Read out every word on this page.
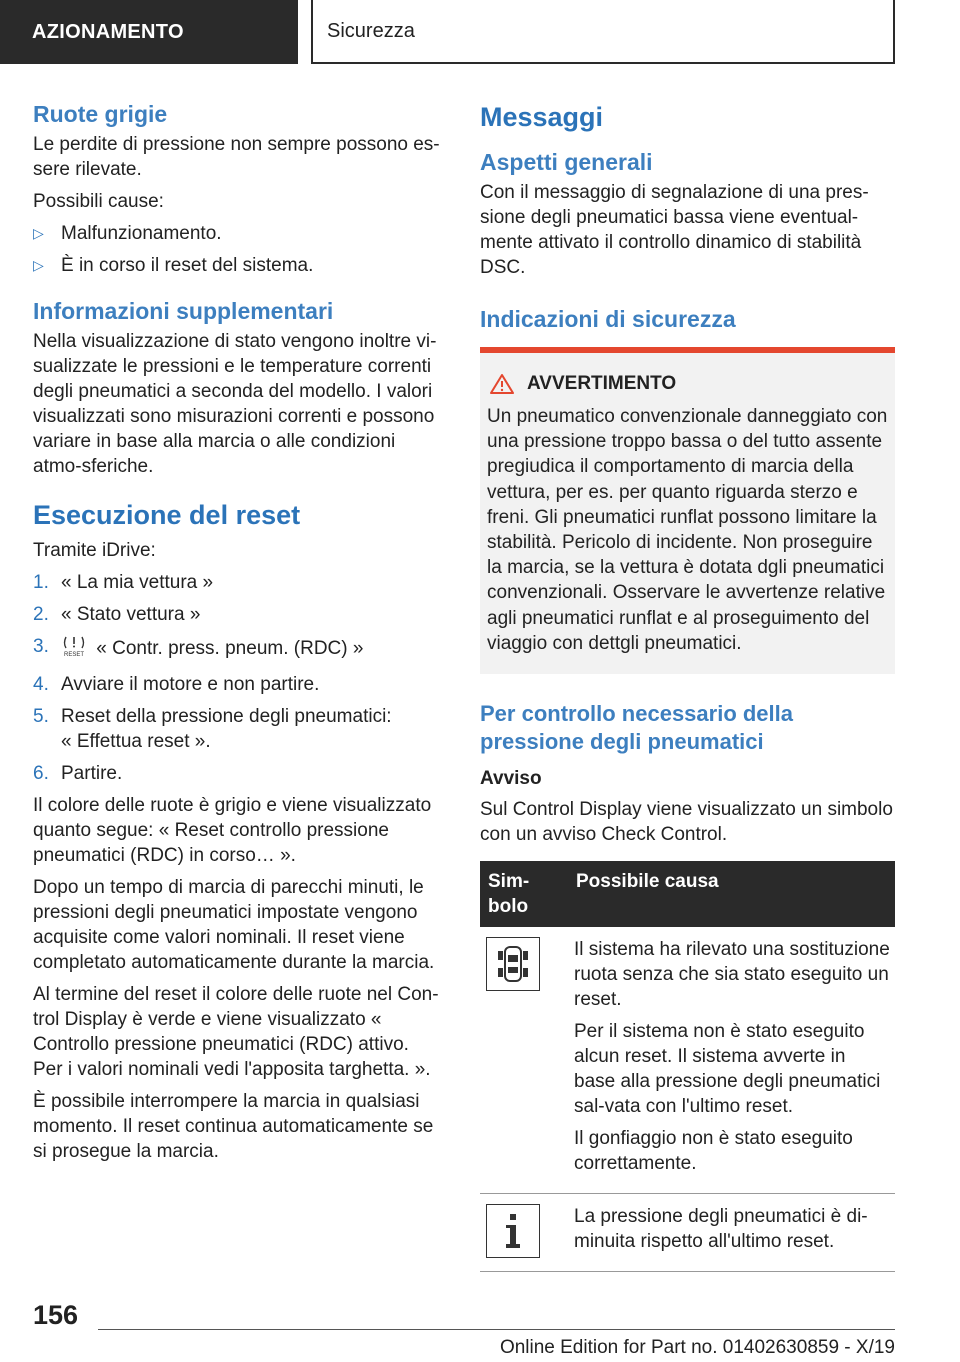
AZIONAMENTO	Sicurezza
Ruote grigie

Le perdite di pressione non sempre possono es-sere rilevate.

Possibili cause:

▷ Malfunzionamento.
▷ È in corso il reset del sistema.
Informazioni supplementari

Nella visualizzazione di stato vengono inoltre vi-sualizzate le pressioni e le temperature correnti degli pneumatici a seconda del modello. I valori visualizzati sono misurazioni correnti e possono variare in base alla marcia o alle condizioni atmo-sferiche.

Esecuzione del reset

Tramite iDrive:

1. « La mia vettura »
2. « Stato vettura »
3.	RESET « Contr. press. pneum. (RDC) »
4. Avviare il motore e non partire.
5. Reset della pressione degli pneumatici:
« Effettua reset ».
6. Partire.

Il colore delle ruote è grigio e viene visualizzato quanto segue: « Reset controllo pressione pneumatici (RDC) in corso… ».

Dopo un tempo di marcia di parecchi minuti, le pressioni degli pneumatici impostate vengono acquisite come valori nominali. Il reset viene completato automaticamente durante la marcia.

Al termine del reset il colore delle ruote nel Con-trol Display è verde e viene visualizzato « Controllo pressione pneumatici (RDC) attivo. Per i valori nominali vedi l'apposita targhetta. ».

È possibile interrompere la marcia in qualsiasi momento. Il reset continua automaticamente se si prosegue la marcia.

Messaggi
Aspetti generali

Con il messaggio di segnalazione di una pres-sione degli pneumatici bassa viene eventual-mente attivato il controllo dinamico di stabilità DSC.

Indicazioni di sicurezza
AVVERTIMENTO

Un pneumatico convenzionale danneggiato con una pressione troppo bassa o del tutto assente pregiudica il comportamento di marcia della vettura, per es. per quanto riguarda sterzo e freni. Gli pneumatici runflat possono limitare la stabilità. Pericolo di incidente. Non proseguire la marcia, se la vettura è dotata dgli pneumatici convenzionali. Osservare le avvertenze relative agli pneumatici runflat e al proseguimento del viaggio con dettgli pneumatici.

Per controllo necessario della pressione degli pneumatici
Avviso

Sul Control Display viene visualizzato un simbolo con un avviso Check Control.

Sim-bolo	Possibile causa

Il sistema ha rilevato una sostituzione ruota senza che sia stato eseguito un reset.

Per il sistema non è stato eseguito alcun reset. Il sistema avverte in base alla pressione degli pneumatici sal-vata con l'ultimo reset.

Il gonfiaggio non è stato eseguito correttamente.

La pressione degli pneumatici è di-minuita rispetto all'ultimo reset.

156
Online Edition for Part no. 01402630859 - X/19
